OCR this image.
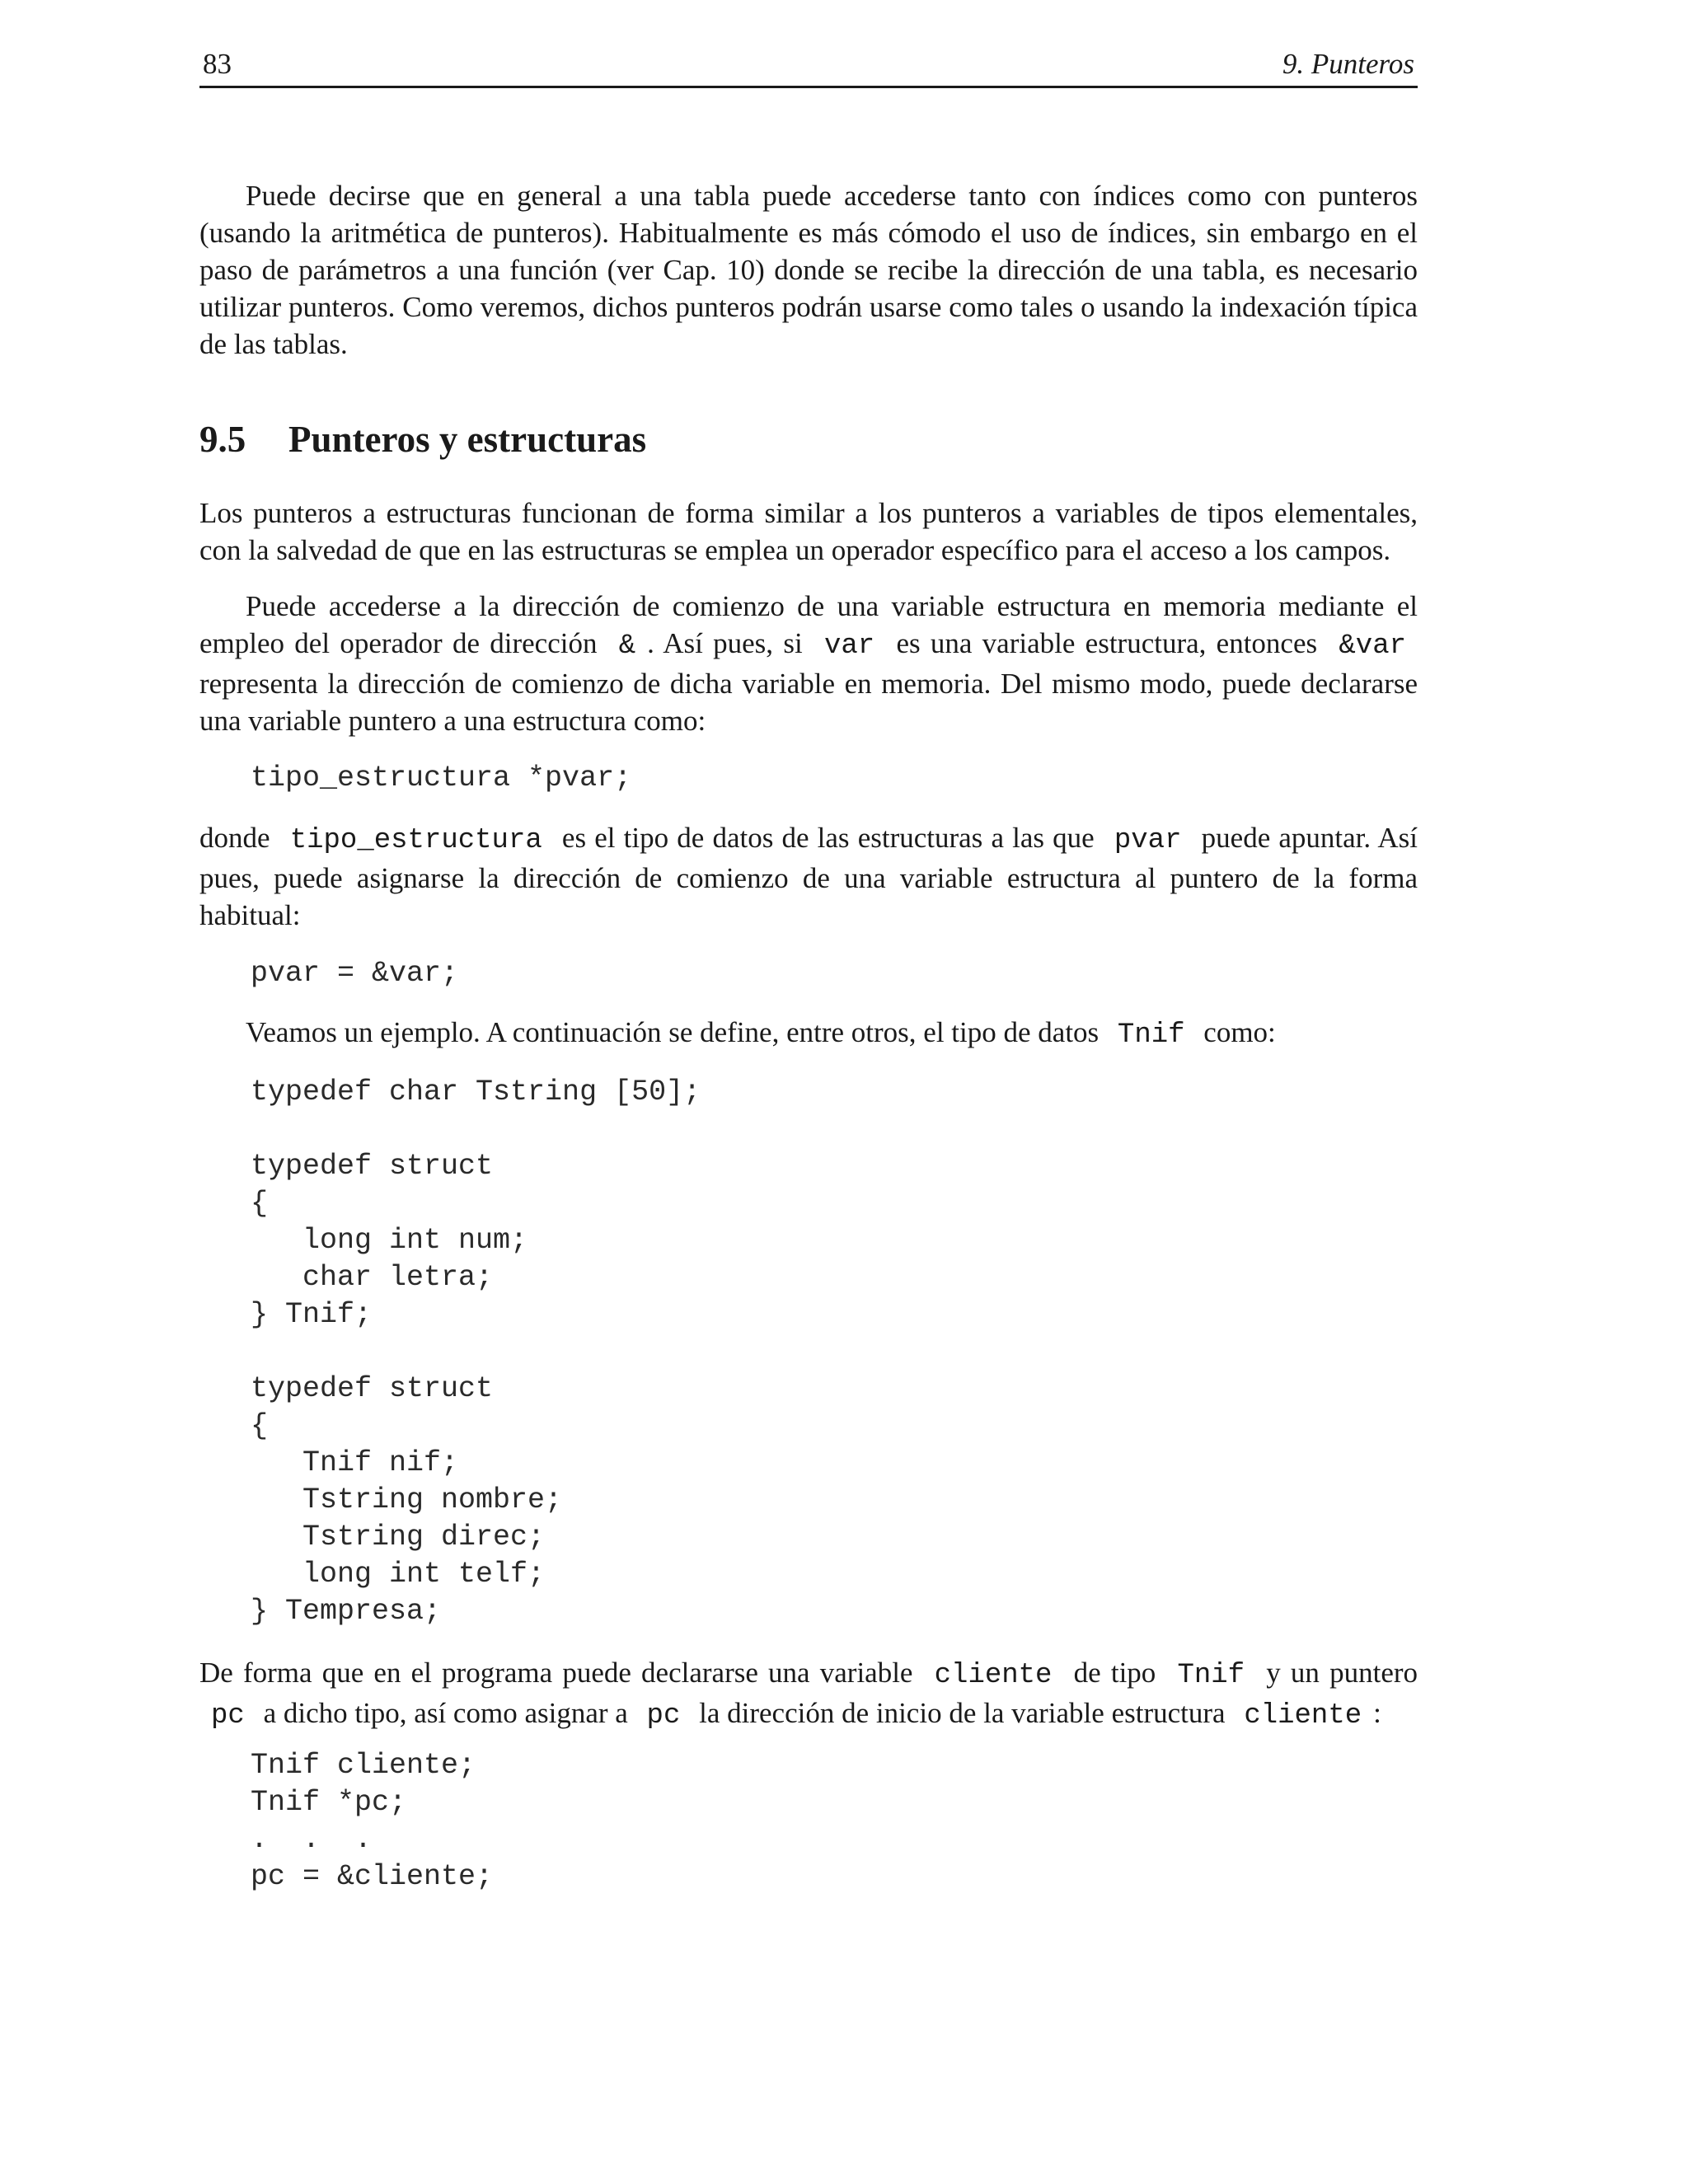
83	9. Punteros

Puede decirse que en general a una tabla puede accederse tanto con índices como con punteros (usando la aritmética de punteros). Habitualmente es más cómodo el uso de índices, sin embargo en el paso de parámetros a una función (ver Cap. 10) donde se recibe la dirección de una tabla, es necesario utilizar punteros. Como veremos, dichos punteros podrán usarse como tales o usando la indexación típica de las tablas.

9.5 Punteros y estructuras

Los punteros a estructuras funcionan de forma similar a los punteros a variables de tipos elementales, con la salvedad de que en las estructuras se emplea un operador específico para el acceso a los campos.

Puede accederse a la dirección de comienzo de una variable estructura en memoria mediante el empleo del operador de dirección & . Así pues, si var es una variable estructura, entonces &var representa la dirección de comienzo de dicha variable en memoria. Del mismo modo, puede declararse una variable puntero a una estructura como:

tipo_estructura *pvar;

donde tipo_estructura es el tipo de datos de las estructuras a las que pvar puede apuntar. Así pues, puede asignarse la dirección de comienzo de una variable estructura al puntero de la forma habitual:

pvar = &var;

Veamos un ejemplo. A continuación se define, entre otros, el tipo de datos Tnif como:

typedef char Tstring [50];

typedef struct
{
long int num;
char letra;
} Tnif;

typedef struct
{
Tnif nif;
Tstring nombre;
Tstring direc;
long int telf;
} Tempresa;

De forma que en el programa puede declararse una variable cliente de tipo Tnif y un puntero pc a dicho tipo, así como asignar a pc la dirección de inicio de la variable estructura cliente :

Tnif cliente;
Tnif *pc;
.  .  .
pc = &cliente;
